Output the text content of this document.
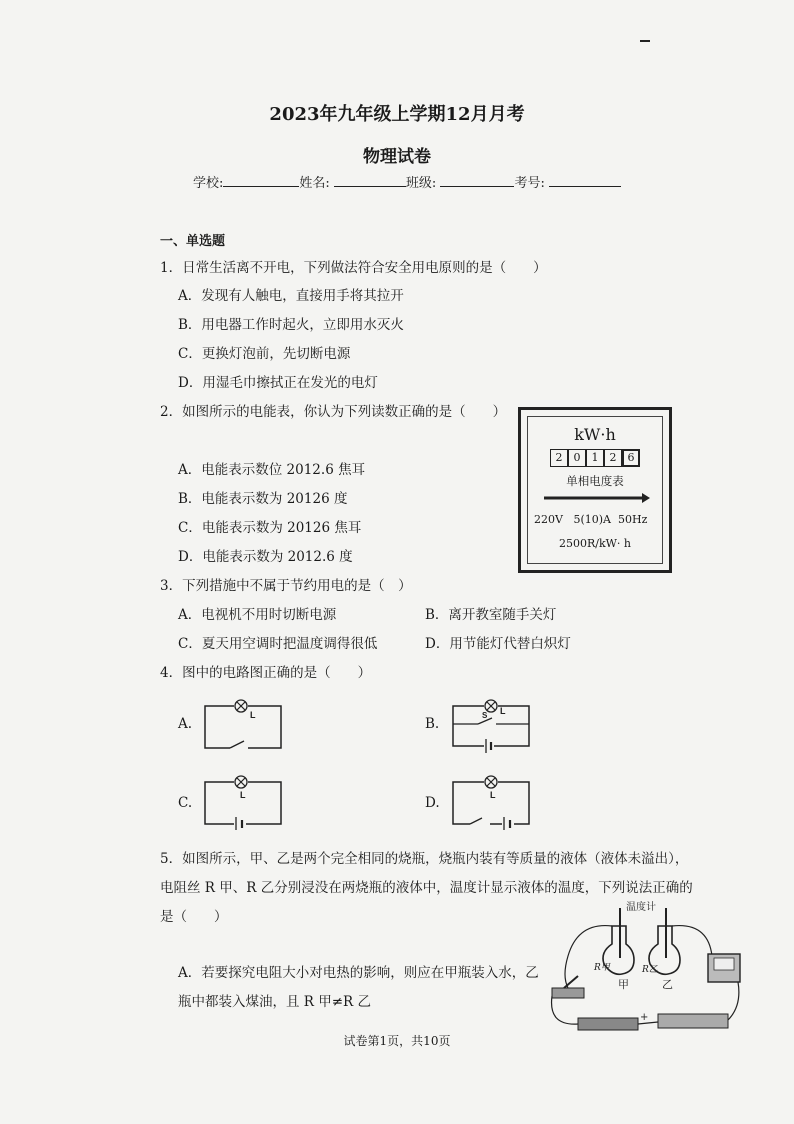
2023年九年级上学期12月月考
物理试卷
学校:	姓名:	班级:	考号:
一、单选题
1．日常生活离不开电，下列做法符合安全用电原则的是（　　）
A．发现有人触电，直接用手将其拉开
B．用电器工作时起火，立即用水灭火
C．更换灯泡前，先切断电源
D．用湿毛巾擦拭正在发光的电灯
2．如图所示的电能表，你认为下列读数正确的是（　　）
A．电能表示数位 2012.6 焦耳
B．电能表示数为 20126 度
C．电能表示数为 20126 焦耳
D．电能表示数为 2012.6 度
kW·h
2	0	1	2	6
单相电度表
220V 5(10)A 50Hz
2500R/kW· h
3．下列措施中不属于节约用电的是（　）
A．电视机不用时切断电源	B．离开教室随手关灯
C．夏天用空调时把温度调得很低	D．用节能灯代替白炽灯
4．图中的电路图正确的是（　　）
A.
L
B.
L
S
C.	L	D.	L
5．如图所示，甲、乙是两个完全相同的烧瓶，烧瓶内装有等质量的液体（液体未溢出），
电阻丝 R 甲、R 乙分别浸没在两烧瓶的液体中，温度计显示液体的温度，下列说法正确的
是（　　）
A．若要探究电阻大小对电热的影响，则应在甲瓶装入水，乙
瓶中都装入煤油，且 R 甲≠R 乙
温度计
R甲	R乙
甲	乙
+
试卷第1页，共10页
